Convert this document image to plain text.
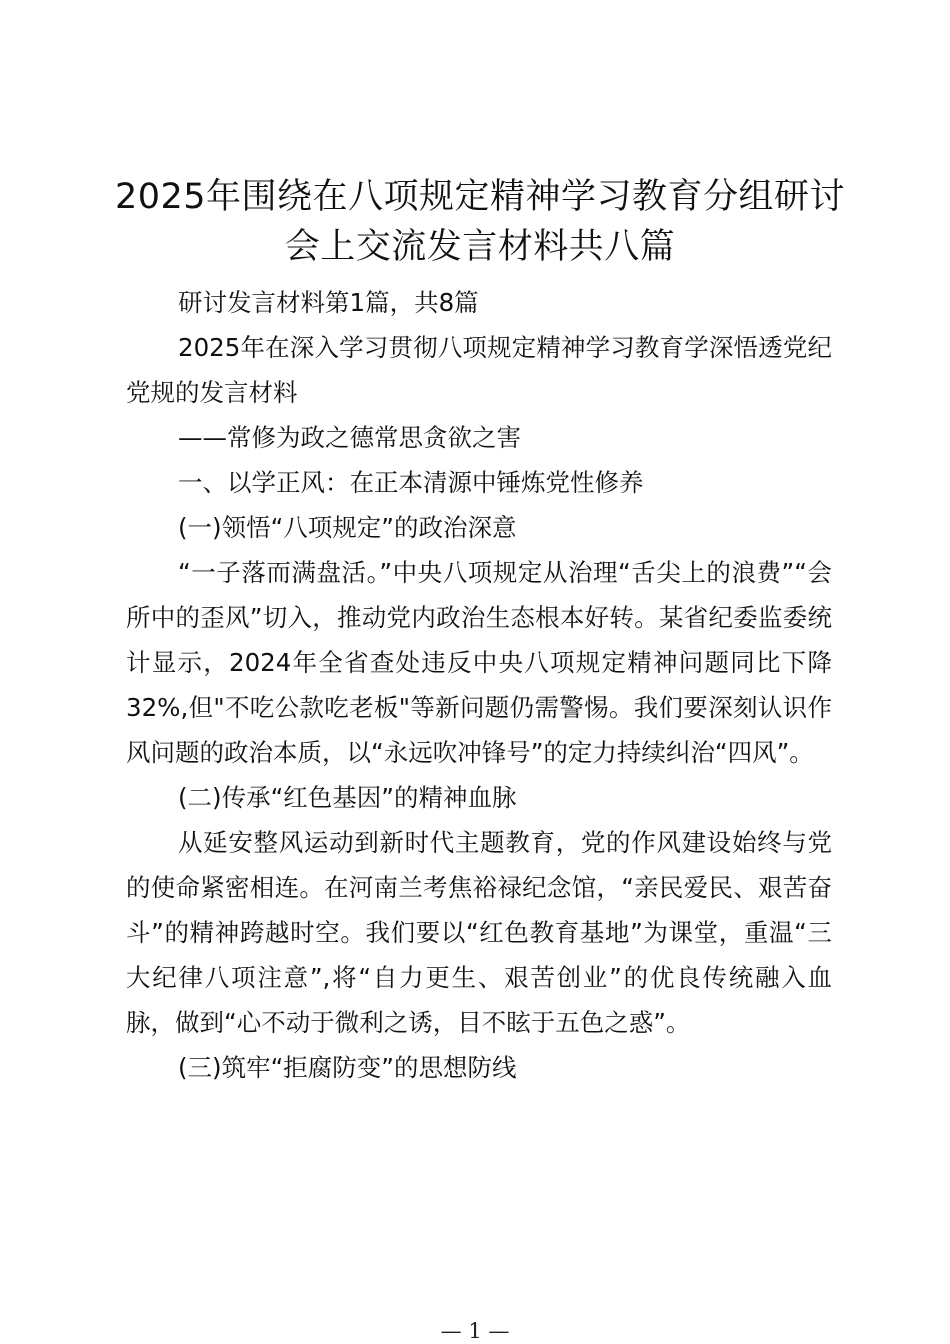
2025年围绕在八项规定精神学习教育分组研讨会上交流发言材料共八篇

研讨发言材料第1篇，共8篇

2025年在深入学习贯彻八项规定精神学习教育学深悟透党纪党规的发言材料

——常修为政之德常思贪欲之害

一、以学正风：在正本清源中锤炼党性修养

(一)领悟“八项规定”的政治深意

“一子落而满盘活。”中央八项规定从治理“舌尖上的浪费”“会所中的歪风”切入，推动党内政治生态根本好转。某省纪委监委统计显示，2024年全省查处违反中央八项规定精神问题同比下降32%,但"不吃公款吃老板"等新问题仍需警惕。我们要深刻认识作风问题的政治本质，以“永远吹冲锋号”的定力持续纠治“四风”。

(二)传承“红色基因”的精神血脉

从延安整风运动到新时代主题教育，党的作风建设始终与党的使命紧密相连。在河南兰考焦裕禄纪念馆，“亲民爱民、艰苦奋斗”的精神跨越时空。我们要以“红色教育基地”为课堂，重温“三大纪律八项注意”,将“自力更生、艰苦创业”的优良传统融入血脉，做到“心不动于微利之诱，目不眩于五色之惑”。

(三)筑牢“拒腐防变”的思想防线

— 1 —
